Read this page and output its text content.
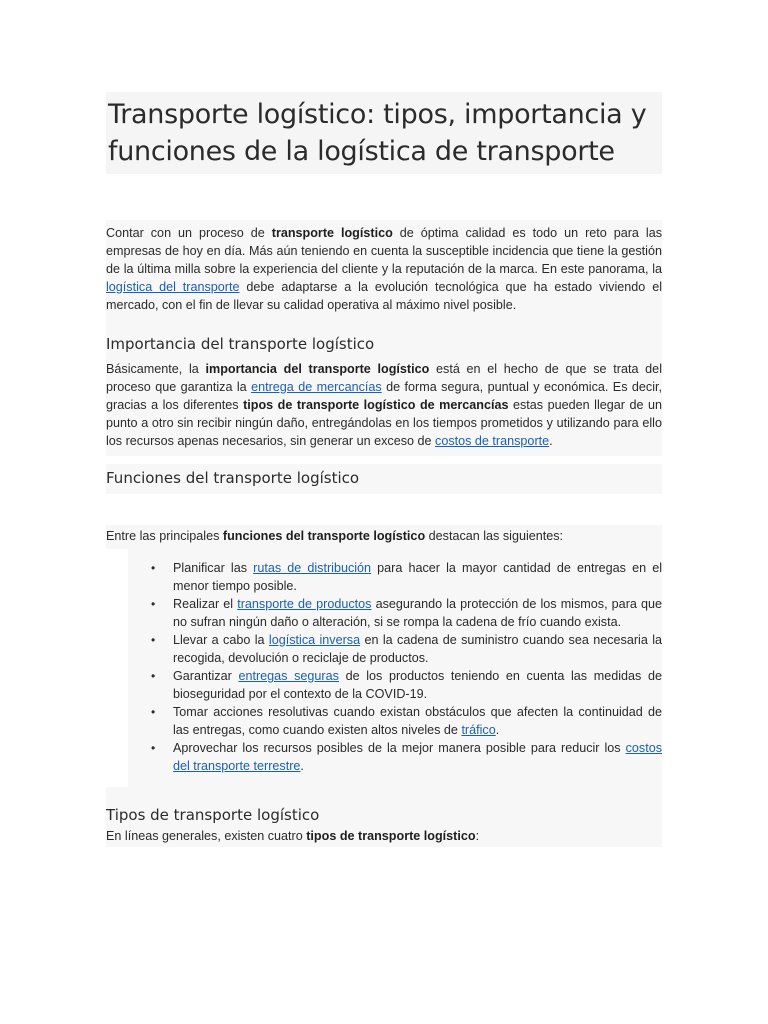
Transporte logístico: tipos, importancia y funciones de la logística de transporte

Contar con un proceso de transporte logístico de óptima calidad es todo un reto para las empresas de hoy en día. Más aún teniendo en cuenta la susceptible incidencia que tiene la gestión de la última milla sobre la experiencia del cliente y la reputación de la marca. En este panorama, la logística del transporte debe adaptarse a la evolución tecnológica que ha estado viviendo el mercado, con el fin de llevar su calidad operativa al máximo nivel posible.

Importancia del transporte logístico

Básicamente, la importancia del transporte logístico está en el hecho de que se trata del proceso que garantiza la entrega de mercancías de forma segura, puntual y económica. Es decir, gracias a los diferentes tipos de transporte logístico de mercancías estas pueden llegar de un punto a otro sin recibir ningún daño, entregándolas en los tiempos prometidos y utilizando para ello los recursos apenas necesarios, sin generar un exceso de costos de transporte.

Funciones del transporte logístico

Entre las principales funciones del transporte logístico destacan las siguientes:

• Planificar las rutas de distribución para hacer la mayor cantidad de entregas en el menor tiempo posible.
• Realizar el transporte de productos asegurando la protección de los mismos, para que no sufran ningún daño o alteración, si se rompa la cadena de frío cuando exista.
• Llevar a cabo la logística inversa en la cadena de suministro cuando sea necesaria la recogida, devolución o reciclaje de productos.
• Garantizar entregas seguras de los productos teniendo en cuenta las medidas de bioseguridad por el contexto de la COVID-19.
• Tomar acciones resolutivas cuando existan obstáculos que afecten la continuidad de las entregas, como cuando existen altos niveles de tráfico.
• Aprovechar los recursos posibles de la mejor manera posible para reducir los costos del transporte terrestre.
Tipos de transporte logístico

En líneas generales, existen cuatro tipos de transporte logístico:
